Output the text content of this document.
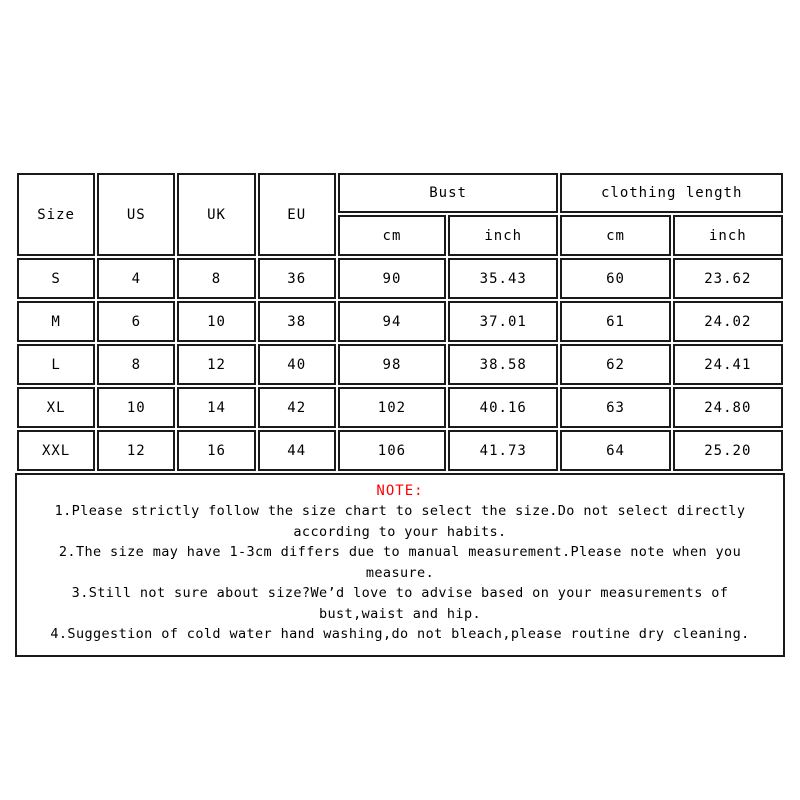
Size	US	UK	EU	Bust		clothing length	
				cm	inch	cm	inch
S	4	8	36	90	35.43	60	23.62
M	6	10	38	94	37.01	61	24.02
L	8	12	40	98	38.58	62	24.41
XL	10	14	42	102	40.16	63	24.80
XXL	12	16	44	106	41.73	64	25.20
NOTE:
1.Please strictly follow the size chart to select the size.Do not select directly according to your habits.
2.The size may have 1-3cm differs due to manual measurement.Please note when you measure.
3.Still not sure about size?We’d love to advise based on your measurements of bust,waist and hip.
4.Suggestion of cold water hand washing,do not bleach,please routine dry cleaning.
